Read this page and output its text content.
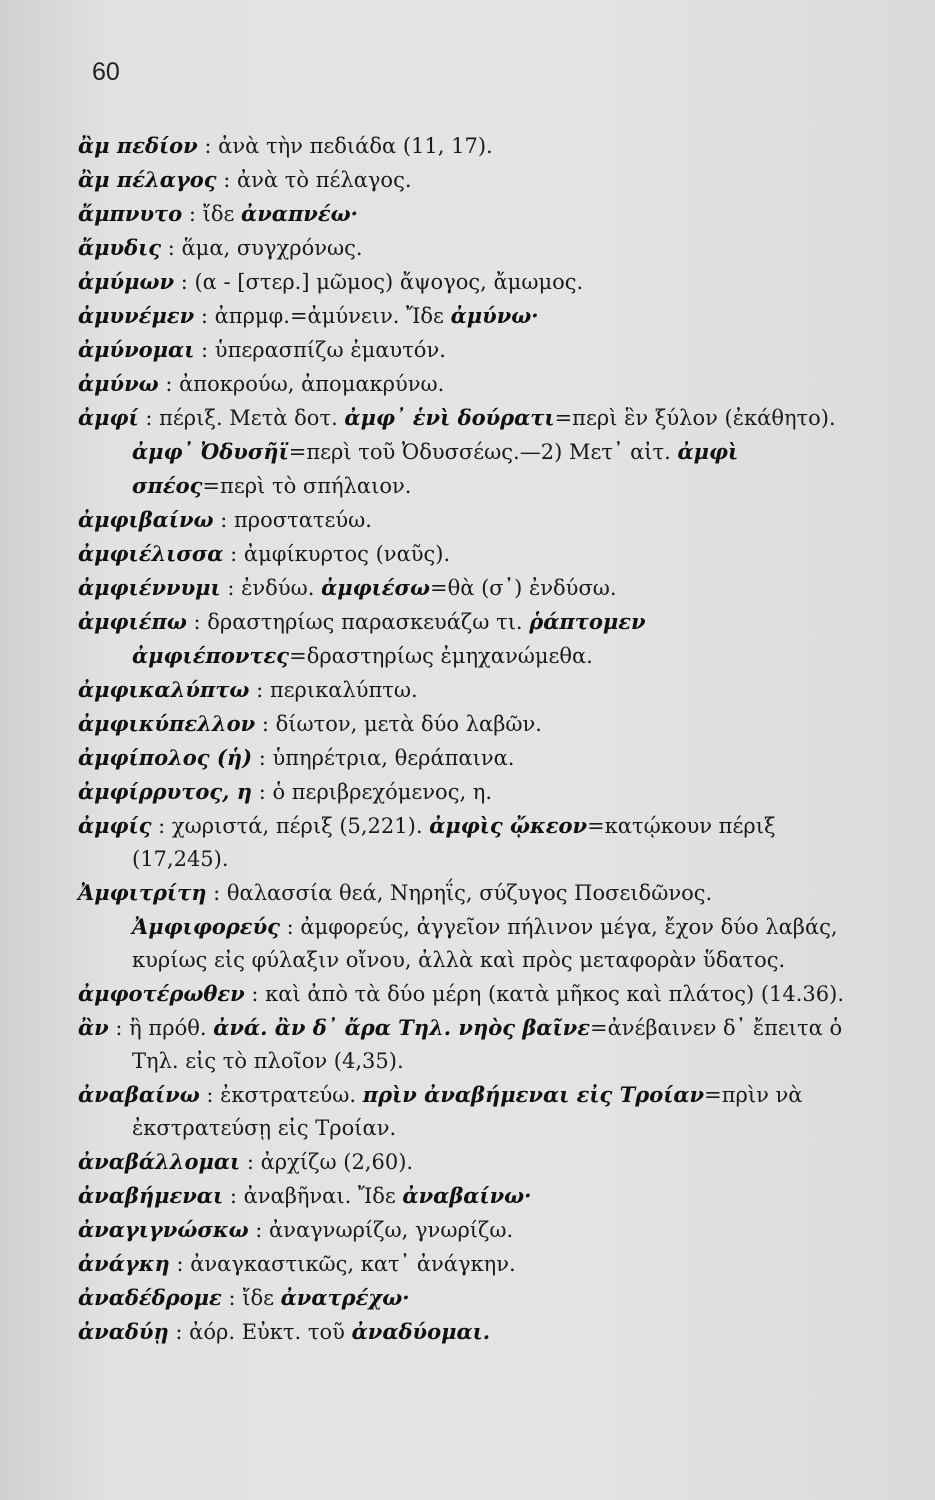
60

ἂμ πεδίον : ἀνὰ τὴν πεδιάδα (11, 17).

ἂμ πέλαγος : ἀνὰ τὸ πέλαγος.

ἄμπνυτο : ἴδε ἀναπνέω·

ἄμυδις : ἅμα, συγχρόνως.

ἀμύμων : (α - [στερ.] μῶμος) ἄψογος, ἄμωμος.

ἀμυνέμεν : ἀπρμφ.=ἀμύνειν. Ἴδε ἀμύνω·

ἀμύνομαι : ὑπερασπίζω ἐμαυτόν.

ἀμύνω : ἀποκρούω, ἀπομακρύνω.

ἀμφί : πέριξ. Μετὰ δοτ. ἀμφ᾽ ἑνὶ δούρατι=περὶ ἓν ξύλον (ἐκάθητο). ἀμφ᾽ Ὀδυσῆϊ=περὶ τοῦ Ὀδυσσέως.—2) Μετ᾽ αἰτ. ἀμφὶ σπέος=περὶ τὸ σπήλαιον.

ἀμφιβαίνω : προστατεύω.

ἀμφιέλισσα : ἀμφίκυρτος (ναῦς).

ἀμφιέννυμι : ἐνδύω. ἀμφιέσω=θὰ (σ᾽) ἐνδύσω.

ἀμφιέπω : δραστηρίως παρασκευάζω τι. ῥάπτομεν ἀμφιέποντες=δραστηρίως ἐμηχανώμεθα.

ἀμφικαλύπτω : περικαλύπτω.

ἀμφικύπελλον : δίωτον, μετὰ δύο λαβῶν.

ἀμφίπολος (ἡ) : ὑπηρέτρια, θεράπαινα.

ἀμφίρρυτος, η : ὁ περιβρεχόμενος, η.

ἀμφίς : χωριστά, πέριξ (5,221). ἀμφὶς ᾤκεον=κατῴκουν πέριξ (17,245).

Ἀμφιτρίτη : θαλασσία θεά, Νηρηΐς, σύζυγος Ποσειδῶνος. Ἀμφιφορεύς : ἀμφορεύς, ἀγγεῖον πήλινον μέγα, ἔχον δύο λαβάς, κυρίως εἰς φύλαξιν οἴνου, ἀλλὰ καὶ πρὸς μεταφορὰν ὕδατος.

ἀμφοτέρωθεν : καὶ ἀπὸ τὰ δύο μέρη (κατὰ μῆκος καὶ πλάτος) (14.36).

ἂν : ἢ πρόθ. ἀνά. ἂν δ᾽ ἄρα Τηλ. νηὸς βαῖνε=ἀνέβαινεν δ᾽ ἔπειτα ὁ Τηλ. εἰς τὸ πλοῖον (4,35).

ἀναβαίνω : ἐκστρατεύω. πρὶν ἀναβήμεναι εἰς Τροίαν=πρὶν νὰ ἐκστρατεύσῃ εἰς Τροίαν.

ἀναβάλλομαι : ἀρχίζω (2,60).

ἀναβήμεναι : ἀναβῆναι. Ἴδε ἀναβαίνω·

ἀναγιγνώσκω : ἀναγνωρίζω, γνωρίζω.

ἀνάγκη : ἀναγκαστικῶς, κατ᾽ ἀνάγκην.

ἀναδέδρομε : ἴδε ἀνατρέχω·

ἀναδύῃ : ἀόρ. Εὐκτ. τοῦ ἀναδύομαι.
